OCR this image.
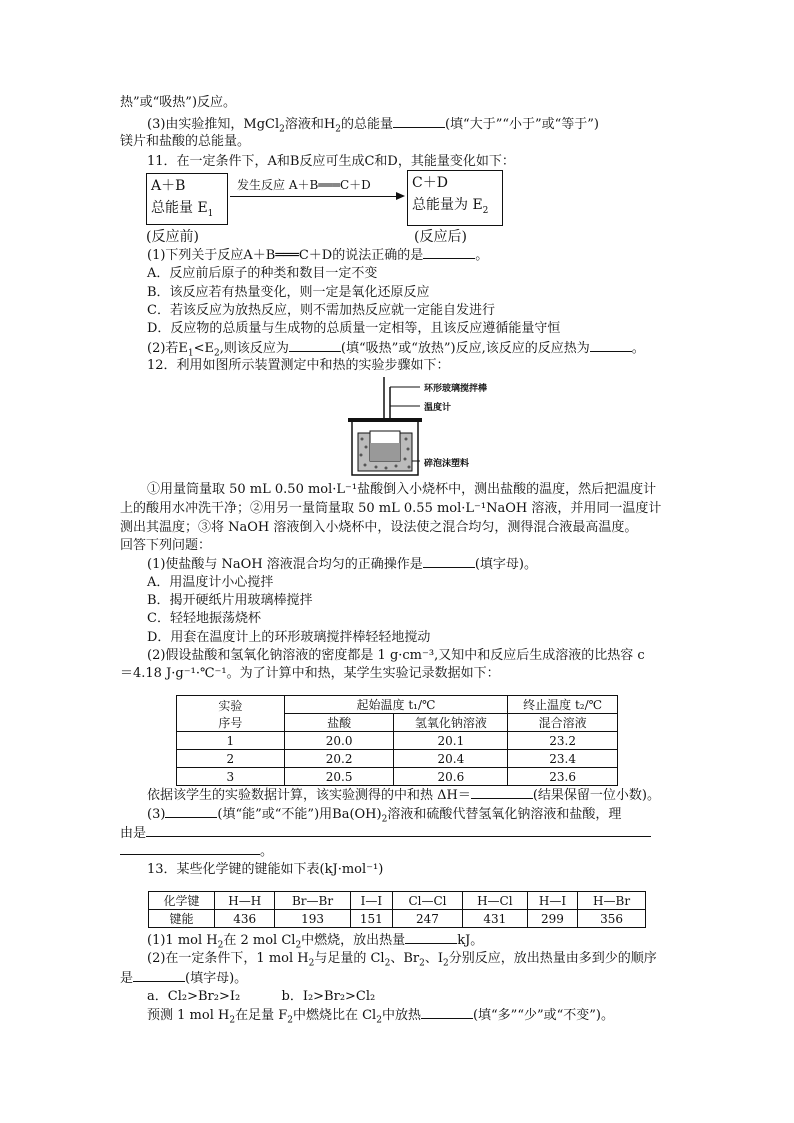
热”或“吸热”)反应。
(3)由实验推知，MgCl$_2$溶液和$H_2$的总能量	(填“大于”“小于”或“等于”)
镁片和盐酸的总能量。
11．在一定条件下，A和B反应可生成C和D，其能量变化如下：
A＋B
总能量 $E_1$
(反应前)
发生反应 A＋B═══C＋D	C＋D
总能量为 $E_2$
(反应后)
(1)下列关于反应A＋B═══C＋D的说法正确的是	。
A．反应前后原子的种类和数目一定不变
B．该反应若有热量变化，则一定是氧化还原反应
C．若该反应为放热反应，则不需加热反应就一定能自发进行
D．反应物的总质量与生成物的总质量一定相等，且该反应遵循能量守恒
(2)若$E_1<E_2$,则该反应为	(填“吸热”或“放热”)反应,该反应的反应热为	。
12．利用如图所示装置测定中和热的实验步骤如下：
环形玻璃搅拌棒
温度计
碎泡沫塑料
①用量筒量取 50 mL 0.50 mol·L⁻¹盐酸倒入小烧杯中，测出盐酸的温度，然后把温度计
上的酸用水冲洗干净；②用另一量筒量取 50 mL 0.55 mol·L⁻¹NaOH 溶液，并用同一温度计
测出其温度；③将 NaOH 溶液倒入小烧杯中，设法使之混合均匀，测得混合液最高温度。
回答下列问题：
(1)使盐酸与 NaOH 溶液混合均匀的正确操作是	(填字母)。
A．用温度计小心搅拌
B．揭开硬纸片用玻璃棒搅拌
C．轻轻地振荡烧杯
D．用套在温度计上的环形玻璃搅拌棒轻轻地搅动
(2)假设盐酸和氢氧化钠溶液的密度都是 1 g·cm⁻³,又知中和反应后生成溶液的比热容 c
＝4.18 J·g⁻¹·℃⁻¹。为了计算中和热，某学生实验记录数据如下：
实验
序号	起始温度 t₁/℃		终止温度 t₂/℃
	盐酸	氢氧化钠溶液	混合溶液
1	20.0	20.1	23.2
2	20.2	20.4	23.4
3	20.5	20.6	23.6
依据该学生的实验数据计算，该实验测得的中和热 ΔH＝	(结果保留一位小数)。
(3)	(填“能”或“不能”)用$Ba(OH)_2$溶液和硫酸代替氢氧化钠溶液和盐酸，理
由是
。
13．某些化学键的键能如下表(kJ·mol⁻¹)
化学键	H—H	Br—Br	I—I	Cl—Cl	H—Cl	H—I	H—Br
键能	436	193	151	247	431	299	356
(1)1 mol $H_2$在 2 mol $Cl_2$中燃烧，放出热量	kJ。
(2)在一定条件下，1 mol $H_2$与足量的 $Cl_2$、$Br_2$、$I_2$分别反应，放出热量由多到少的顺序
是	(填字母)。
a．Cl₂>Br₂>I₂          b．I₂>Br₂>Cl₂
预测 1 mol $H_2$在足量 $F_2$中燃烧比在 $Cl_2$中放热	(填“多”“少”或“不变”)。
